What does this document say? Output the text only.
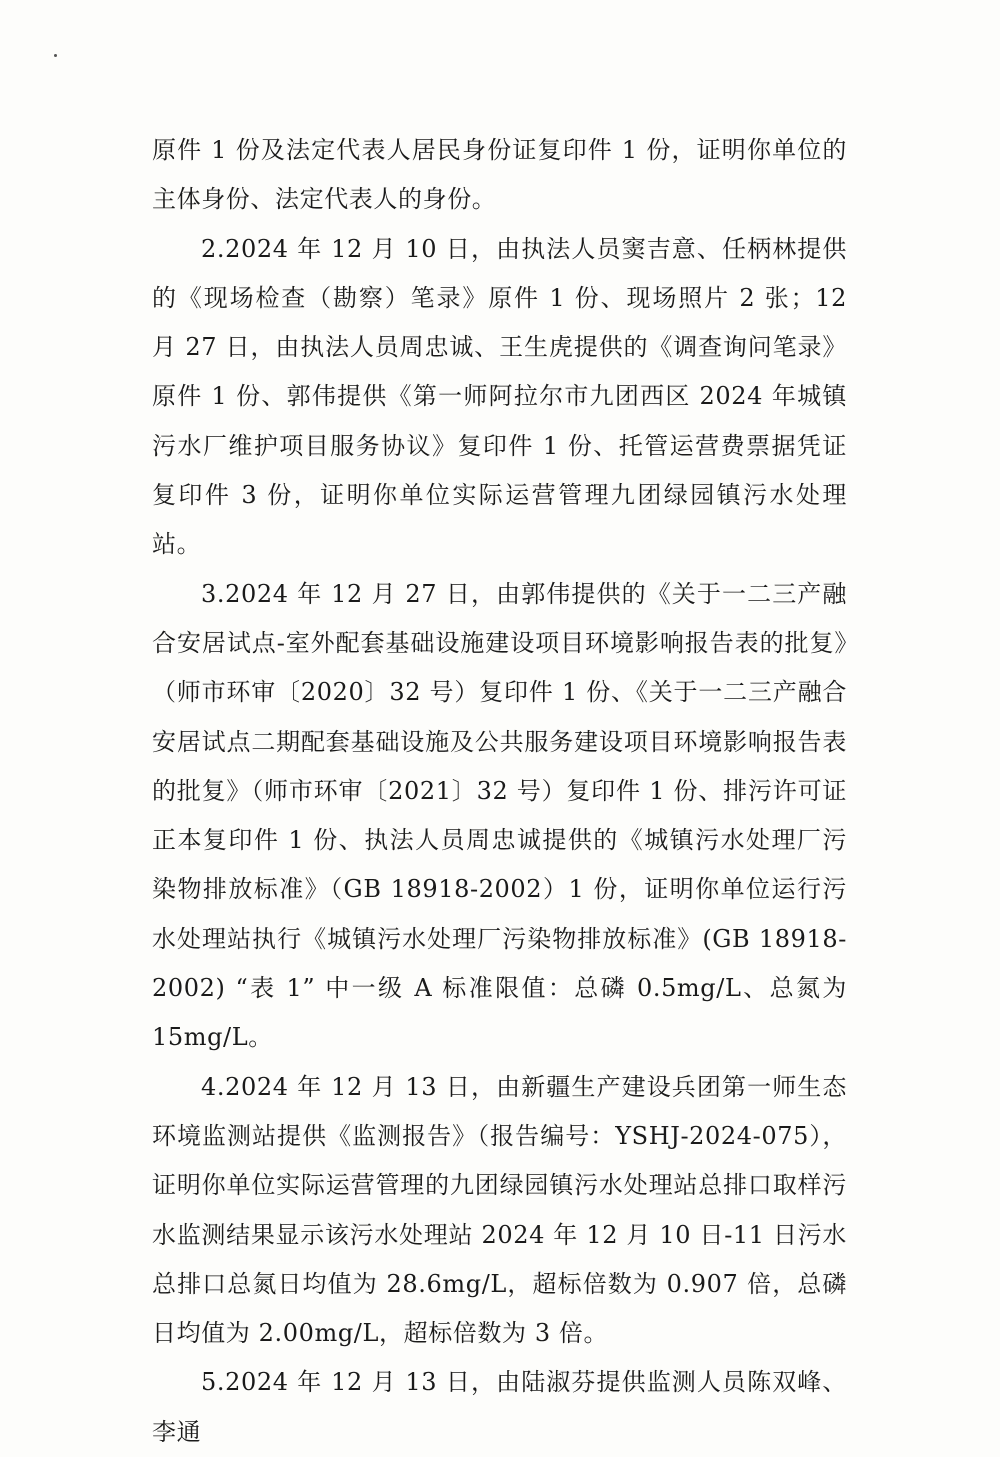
原件 1 份及法定代表人居民身份证复印件 1 份，证明你单位的主体身份、法定代表人的身份。

2.2024 年 12 月 10 日，由执法人员窦吉意、任柄林提供的《现场检查（勘察）笔录》原件 1 份、现场照片 2 张；12 月 27 日，由执法人员周忠诚、王生虎提供的《调查询问笔录》原件 1 份、郭伟提供《第一师阿拉尔市九团西区 2024 年城镇污水厂维护项目服务协议》复印件 1 份、托管运营费票据凭证复印件 3 份，证明你单位实际运营管理九团绿园镇污水处理站。

3.2024 年 12 月 27 日，由郭伟提供的《关于一二三产融合安居试点-室外配套基础设施建设项目环境影响报告表的批复》（师市环审〔2020〕32 号）复印件 1 份、《关于一二三产融合安居试点二期配套基础设施及公共服务建设项目环境影响报告表的批复》（师市环审〔2021〕32 号）复印件 1 份、排污许可证正本复印件 1 份、执法人员周忠诚提供的《城镇污水处理厂污染物排放标准》（GB 18918-2002）1 份，证明你单位运行污水处理站执行《城镇污水处理厂污染物排放标准》(GB 18918-2002) “表 1” 中一级 A 标准限值：总磷 0.5mg/L、总氮为 15mg/L。

4.2024 年 12 月 13 日，由新疆生产建设兵团第一师生态环境监测站提供《监测报告》（报告编号：YSHJ-2024-075），证明你单位实际运营管理的九团绿园镇污水处理站总排口取样污水监测结果显示该污水处理站 2024 年 12 月 10 日-11 日污水总排口总氮日均值为 28.6mg/L，超标倍数为 0.907 倍，总磷日均值为 2.00mg/L，超标倍数为 3 倍。

5.2024 年 12 月 13 日，由陆淑芬提供监测人员陈双峰、李通
